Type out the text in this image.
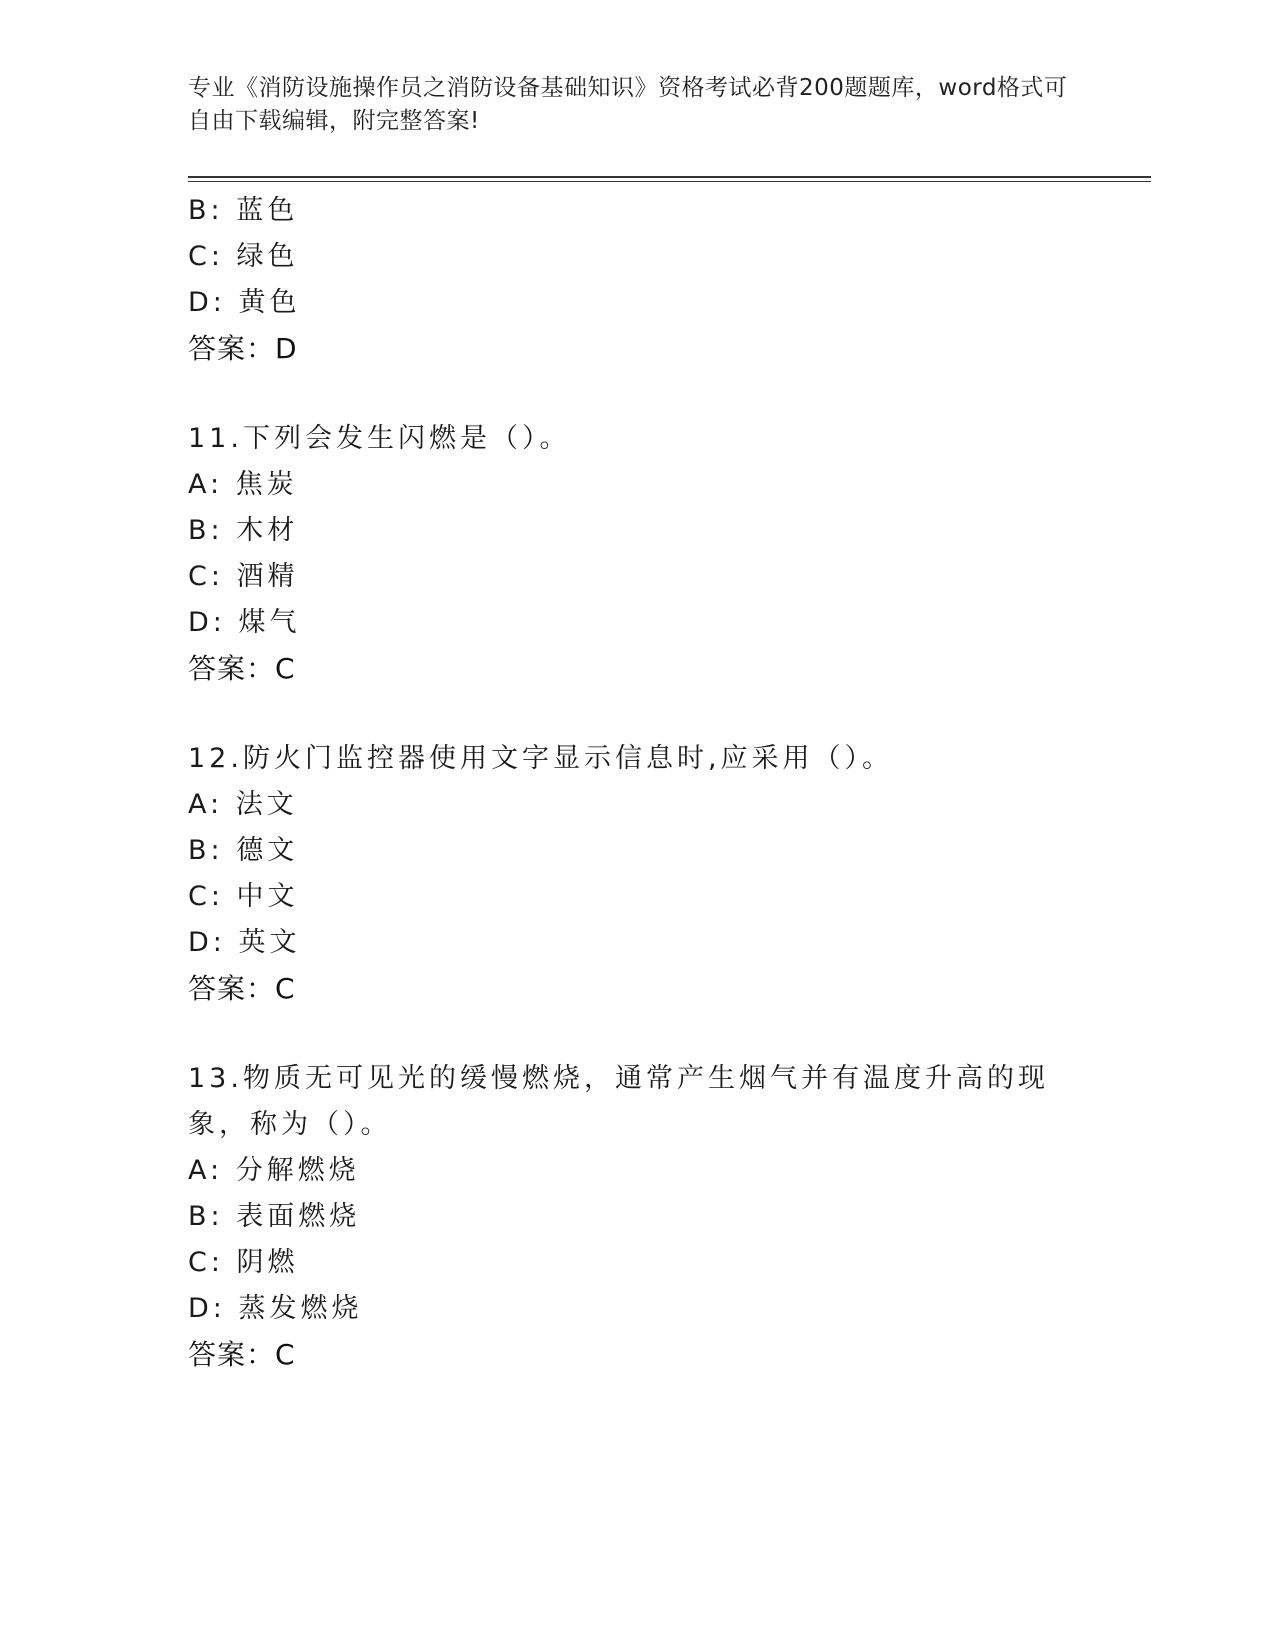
专业《消防设施操作员之消防设备基础知识》资格考试必背200题题库，word格式可自由下载编辑，附完整答案!
B: 蓝色
C: 绿色
D: 黄色
答案：D
11.下列会发生闪燃是（）。
A: 焦炭
B: 木材
C: 酒精
D: 煤气
答案：C
12.防火门监控器使用文字显示信息时,应采用（）。
A: 法文
B: 德文
C: 中文
D: 英文
答案：C
13.物质无可见光的缓慢燃烧，通常产生烟气并有温度升高的现象，称为（）。
A: 分解燃烧
B: 表面燃烧
C: 阴燃
D: 蒸发燃烧
答案：C
